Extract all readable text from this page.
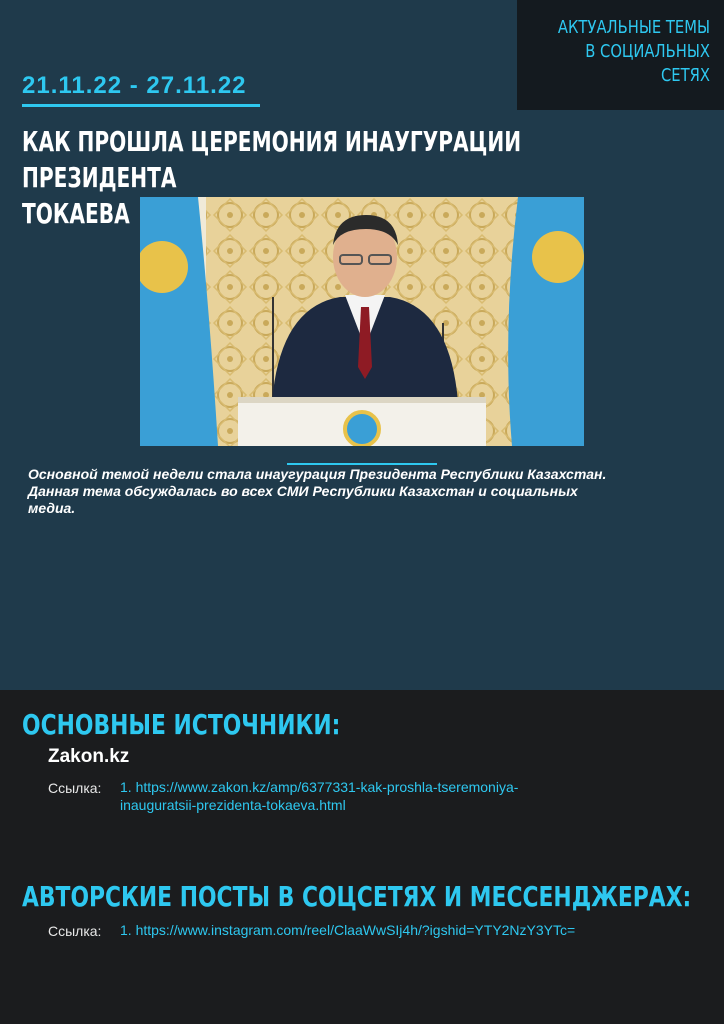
АКТУАЛЬНЫЕ ТЕМЫ
В СОЦИАЛЬНЫХ
СЕТЯХ
21.11.22 - 27.11.22
КАК ПРОШЛА ЦЕРЕМОНИЯ ИНАУГУРАЦИИ ПРЕЗИДЕНТА
ТОКАЕВА
Основной темой недели стала инаугурация Президента Республики Казахстан.
Данная тема обсуждалась во всех СМИ Республики Казахстан и социальных
медиа.
ОСНОВНЫЕ ИСТОЧНИКИ:
Zakon.kz
Ссылка: 1. https://www.zakon.kz/amp/6377331-kak-proshla-tseremoniya-
inauguratsii-prezidenta-tokaeva.html
АВТОРСКИЕ ПОСТЫ В СОЦСЕТЯХ И МЕССЕНДЖЕРАХ:
Ссылка: 1. https://www.instagram.com/reel/ClaaWwSIj4h/?igshid=YTY2NzY3YTc=
